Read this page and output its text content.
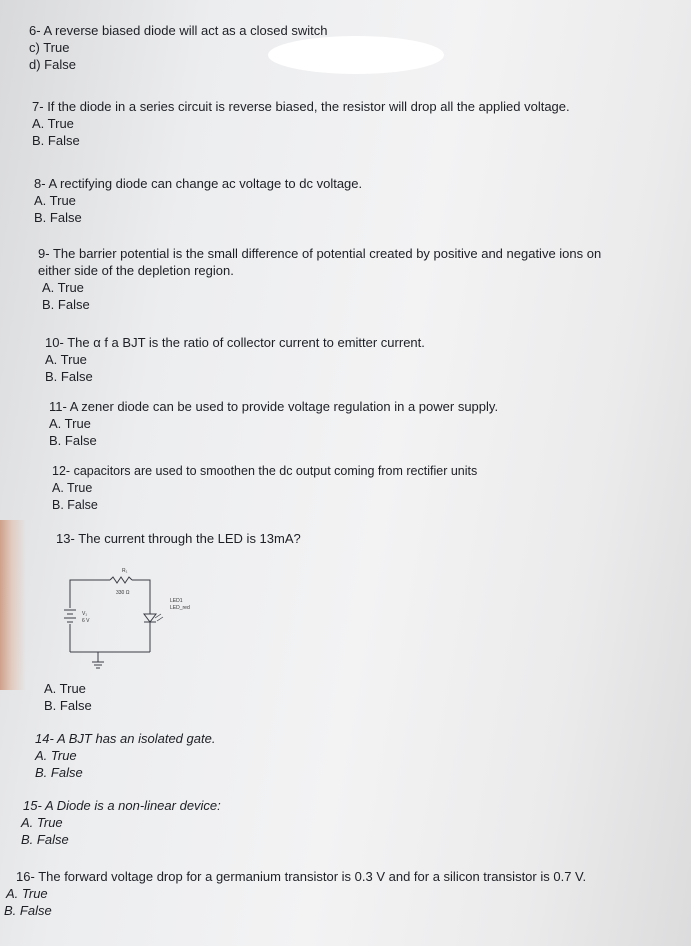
6- A reverse biased diode will act as a closed switch
c) True
d) False
7- If the diode in a series circuit is reverse biased, the resistor will drop all the applied voltage.
A. True
B. False
8- A rectifying diode can change ac voltage to dc voltage.
A. True
B. False
9- The barrier potential is the small difference of potential created by positive and negative ions on
either side of the depletion region.
A. True
B. False
10- The α f a BJT is the ratio of collector current to emitter current.
A. True
B. False
11- A zener diode can be used to provide voltage regulation in a power supply.
A. True
B. False
12- capacitors are used to smoothen the dc output coming from rectifier units
A. True
B. False
13- The current through the LED is 13mA?
R₁
330 Ω
LED1
LED_red
V₁
6 V
A. True
B. False
14- A BJT has an isolated gate.
A. True
B. False
15- A Diode is a non-linear device:
A. True
B. False
16- The forward voltage drop for a germanium transistor is 0.3 V and for a silicon transistor is 0.7 V.
A. True
B. False
